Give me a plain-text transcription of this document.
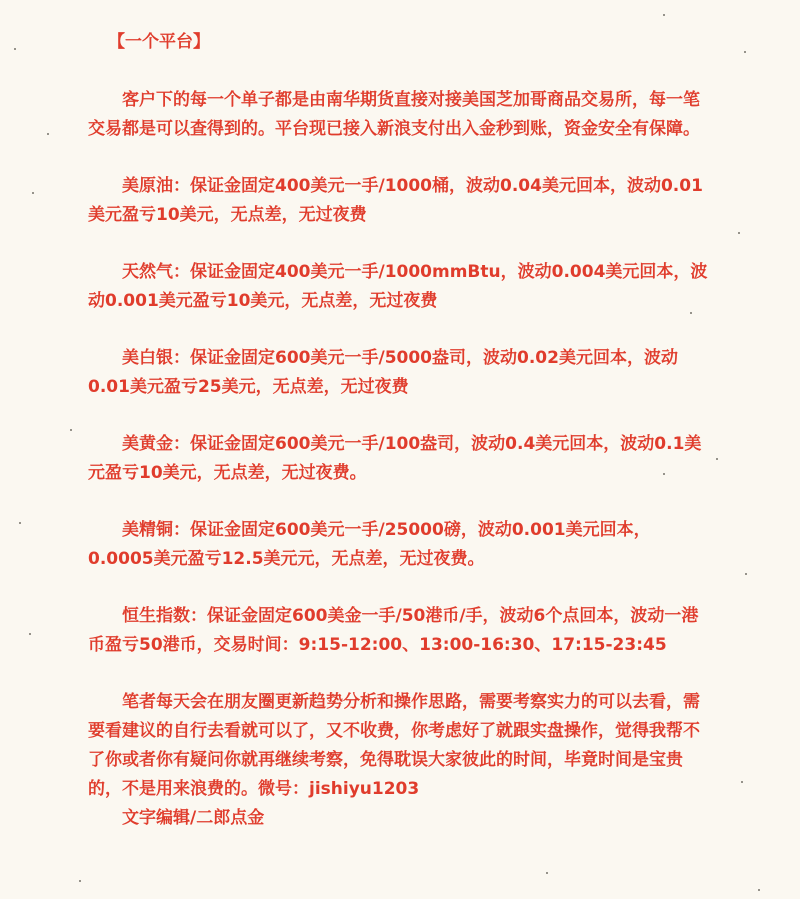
【一个平台】

客户下的每一个单子都是由南华期货直接对接美国芝加哥商品交易所，每一笔交易都是可以查得到的。平台现已接入新浪支付出入金秒到账，资金安全有保障。

美原油：保证金固定400美元一手/1000桶，波动0.04美元回本，波动0.01美元盈亏10美元，无点差，无过夜费

天然气：保证金固定400美元一手/1000mmBtu，波动0.004美元回本，波动0.001美元盈亏10美元，无点差，无过夜费

美白银：保证金固定600美元一手/5000盎司，波动0.02美元回本，波动0.01美元盈亏25美元，无点差，无过夜费

美黄金：保证金固定600美元一手/100盎司，波动0.4美元回本，波动0.1美元盈亏10美元，无点差，无过夜费。

美精铜：保证金固定600美元一手/25000磅，波动0.001美元回本，0.0005美元盈亏12.5美元元，无点差，无过夜费。

恒生指数：保证金固定600美金一手/50港币/手，波动6个点回本，波动一港币盈亏50港币，交易时间：9:15-12:00、13:00-16:30、17:15-23:45

笔者每天会在朋友圈更新趋势分析和操作思路，需要考察实力的可以去看，需要看建议的自行去看就可以了，又不收费，你考虑好了就跟实盘操作，觉得我帮不了你或者你有疑问你就再继续考察，免得耽误大家彼此的时间，毕竟时间是宝贵的，不是用来浪费的。微号：jishiyu1203

文字编辑/二郎点金
